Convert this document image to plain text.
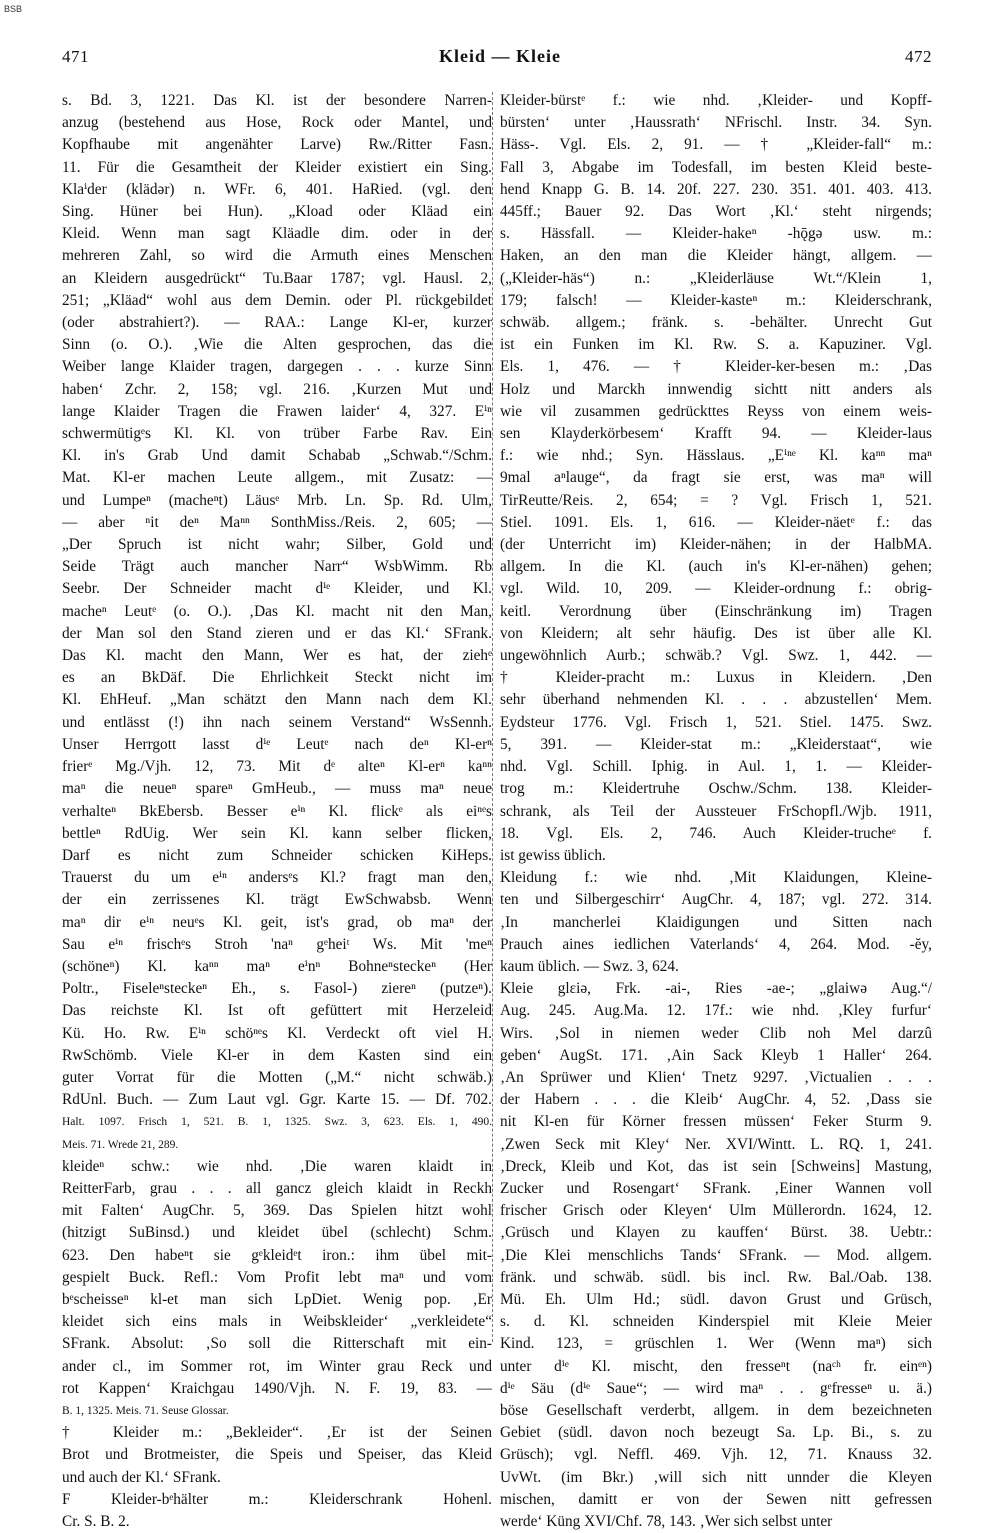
BSB
471	Kleid — Kleie	472
s. Bd. 3, 1221. Das Kl. ist der besondere Narren-
anzug (bestehend aus Hose, Rock oder Mantel, und
Kopfhaube mit angenähter Larve) Rw./Ritter Fasn.
11. Für die Gesamtheit der Kleider existiert ein Sing.
Klaⁱder (klädər) n. WFr. 6, 401. HaRied. (vgl. den
Sing. Hüner bei Hun). „Kload oder Kläad ein
Kleid. Wenn man sagt Kläadle dim. oder in der
mehreren Zahl, so wird die Armuth eines Menschen
an Kleidern ausgedrückt“ Tu.Baar 1787; vgl. Hausl. 2,
251; „Kläad“ wohl aus dem Demin. oder Pl. rückgebildet
(oder abstrahiert?). — RAA.: Lange Kl-er, kurzer
Sinn (o. O.). ‚Wie die Alten gesprochen, das die
Weiber lange Klaider tragen, dargegen . . . kurze Sinn
haben‘ Zchr. 2, 158; vgl. 216. ‚Kurzen Mut und
lange Klaider Tragen die Frawen laider‘ 4, 327. Eⁱⁿ
schwermütigᵉs Kl. Kl. von trüber Farbe Rav. Ein
Kl. in's Grab Und damit Schabab „Schwab.“/Schm.
Mat. Kl-er machen Leute allgem., mit Zusatz: —
und Lumpeⁿ (macheⁿt) Läusᵉ Mrb. Ln. Sp. Rd. Ulm,
— aber ⁿit deⁿ Maⁿⁿ SonthMiss./Reis. 2, 605; —
„Der Spruch ist nicht wahr; Silber, Gold und
Seide Trägt auch mancher Narr“ WsbWimm. Rb
Seebr. Der Schneider macht dⁱᵉ Kleider, und Kl.
macheⁿ Leutᵉ (o. O.). ‚Das Kl. macht nit den Man,
der Man sol den Stand zieren und er das Kl.‘ SFrank.
Das Kl. macht den Mann, Wer es hat, der ziehᵉ
es an BkDäf. Die Ehrlichkeit Steckt nicht im
Kl. EhHeuf. „Man schätzt den Mann nach dem Kl.
und entlässt (!) ihn nach seinem Verstand“ WsSennh.
Unser Herrgott lasst dⁱᵉ Leutᵉ nach deⁿ Kl-erⁿ
frierᵉ Mg./Vjh. 12, 73. Mit dᵉ alteⁿ Kl-erⁿ kaⁿⁿ
maⁿ die neueⁿ spareⁿ GmHeub., — muss maⁿ neue
verhalteⁿ BkEbersb. Besser eⁱⁿ Kl. flickᵉ als eiⁿᵉs
bettleⁿ RdUig. Wer sein Kl. kann selber flicken,
Darf es nicht zum Schneider schicken KiHeps.
Trauerst du um eⁱⁿ andersᵉs Kl.? fragt man den,
der ein zerrissenes Kl. trägt EwSchwabsb. Wenn
maⁿ dir eⁱⁿ neuᵉs Kl. geit, ist's grad, ob maⁿ der
Sau eⁱⁿ frischᵉs Stroh 'naⁿ gᵉheiᵗ Ws. Mit 'meⁿ
(schöneⁿ) Kl. kaⁿⁿ maⁿ eⁱnⁿ Bohneⁿsteckeⁿ (Her
Poltr., Fiseleⁿsteckeⁿ Eh., s. Fasol-) ziereⁿ (putzeⁿ).
Das reichste Kl. Ist oft gefüttert mit Herzeleid
Kü. Ho. Rw. Eⁱⁿ schöⁿᵉs Kl. Verdeckt oft viel H.
RwSchömb. Viele Kl-er in dem Kasten sind ein
guter Vorrat für die Motten („M.“ nicht schwäb.)
RdUnl. Buch. — Zum Laut vgl. Ggr. Karte 15. — Df. 702.
Halt. 1097. Frisch 1, 521. B. 1, 1325. Swz. 3, 623. Els. 1, 490.
Meis. 71. Wrede 21, 289.
kleideⁿ schw.: wie nhd. ‚Die waren klaidt in
ReitterFarb, grau . . . all gancz gleich klaidt in Reckh
mit Falten‘ AugChr. 5, 369. Das Spielen hitzt wohl
(hitzigt SuBinsd.) und kleidet übel (schlecht) Schm.
623. Den habeⁿt sie gᵉkleidᵉt iron.: ihm übel mit-
gespielt Buck. Refl.: Vom Profit lebt maⁿ und vom
bᵉscheisseⁿ kl-et man sich LpDiet. Wenig pop. ‚Er
kleidet sich eins mals in Weibskleider‘ „verkleidete“
SFrank. Absolut: ‚So soll die Ritterschaft mit ein-
ander cl., im Sommer rot, im Winter grau Reck und
rot Kappen‘ Kraichgau 1490/Vjh. N. F. 19, 83. —
B. 1, 1325. Meis. 71. Seuse Glossar.
† Kleider m.: „Bekleider“. ‚Er ist der Seinen
Brot und Brotmeister, die Speis und Speiser, das Kleid
und auch der Kl.‘ SFrank.
F Kleider-bᵉhälter m.: Kleiderschrank Hohenl.
Cr. S. B. 2.
Kleider-bürstᵉ f.: wie nhd. ‚Kleider- und Kopff-
bürsten‘ unter ‚Haussrath‘ NFrischl. Instr. 34. Syn.
Häss-. Vgl. Els. 2, 91. — † „Kleider-fall“ m.:
Fall 3, Abgabe im Todesfall, im besten Kleid beste-
hend Knapp G. B. 14. 20f. 227. 230. 351. 401. 403. 413.
445ff.; Bauer 92. Das Wort ‚Kl.‘ steht nirgends;
s. Hässfall. — Kleider-hakeⁿ -hǭgə usw. m.:
Haken, an den man die Kleider hängt, allgem. —
(„Kleider-häs“) n.: „Kleiderläuse Wt.“/Klein 1,
179; falsch! — Kleider-kasteⁿ m.: Kleiderschrank,
schwäb. allgem.; fränk. s. -behälter. Unrecht Gut
ist ein Funken im Kl. Rw. S. a. Kapuziner. Vgl.
Els. 1, 476. — † Kleider-ker-besen m.: ‚Das
Holz und Marckh innwendig sichtt nitt anders als
wie vil zusammen gedrückttes Reyss von einem weis-
sen Klayderkörbesem‘ Krafft 94. — Kleider-laus
f.: wie nhd.; Syn. Hässlaus. „Eⁱⁿᵉ Kl. kaⁿⁿ maⁿ
9mal aⁿlauge“, da fragt sie erst, was maⁿ will
TirReutte/Reis. 2, 654; = ? Vgl. Frisch 1, 521.
Stiel. 1091. Els. 1, 616. — Kleider-näetᵉ f.: das
(der Unterricht im) Kleider-nähen; in der HalbMA.
allgem. In die Kl. (auch in's Kl-er-nähen) gehen;
vgl. Wild. 10, 209. — Kleider-ordnung f.: obrig-
keitl. Verordnung über (Einschränkung im) Tragen
von Kleidern; alt sehr häufig. Des ist über alle Kl.
ungewöhnlich Aurb.; schwäb.? Vgl. Swz. 1, 442. —
† Kleider-pracht m.: Luxus in Kleidern. ‚Den
sehr überhand nehmenden Kl. . . . abzustellen‘ Mem.
Eydsteur 1776. Vgl. Frisch 1, 521. Stiel. 1475. Swz.
5, 391. — Kleider-stat m.: „Kleiderstaat“, wie
nhd. Vgl. Schill. Iphig. in Aul. 1, 1. — Kleider-
trog m.: Kleidertruhe Oschw./Schm. 138. Kleider-
schrank, als Teil der Aussteuer FrSchopfl./Wjb. 1911,
18. Vgl. Els. 2, 746. Auch Kleider-trucheᵉ f.
ist gewiss üblich.
Kleidung f.: wie nhd. ‚Mit Klaidungen, Kleine-
ten und Silbergeschirr‘ AugChr. 4, 187; vgl. 272. 314.
‚In mancherlei Klaidigungen und Sitten nach
Prauch aines iedlichen Vaterlands‘ 4, 264. Mod. -ĕy,
kaum üblich. — Swz. 3, 624.
Kleie glɛiə, Frk. -ai-, Ries -ae-; „glaiwə Aug.“/
Aug. 245. Aug.Ma. 12. 17f.: wie nhd. ‚Kley furfur‘
Wirs. ‚Sol in niemen weder Clib noh Mel darzû
geben‘ AugSt. 171. ‚Ain Sack Kleyb 1 Haller‘ 264.
‚An Sprüwer und Klien‘ Tnetz 9297. ‚Victualien . . .
der Habern . . . die Kleib‘ AugChr. 4, 52. ‚Dass sie
nit Kl-en für Körner fressen müssen‘ Feker Sturm 9.
‚Zwen Seck mit Kley‘ Ner. XVI/Wintt. L. RQ. 1, 241.
‚Dreck, Kleib und Kot, das ist sein [Schweins] Mastung,
Zucker und Rosengart‘ SFrank. ‚Einer Wannen voll
frischer Grisch oder Kleyen‘ Ulm Müllerordn. 1624, 12.
‚Grüsch und Klayen zu kauffen‘ Bürst. 38. Uebtr.:
‚Die Klei menschlichs Tands‘ SFrank. — Mod. allgem.
fränk. und schwäb. südl. bis incl. Rw. Bal./Oab. 138.
Mü. Eh. Ulm Hd.; südl. davon Grust und Grüsch,
s. d. Kl. schneiden Kinderspiel mit Kleie Meier
Kind. 123, = grüschlen 1. Wer (Wenn maⁿ) sich
unter dⁱᵉ Kl. mischt, den fresseⁿt (naᶜʰ fr. einᵉⁿ)
dⁱᵉ Säu (dⁱᵉ Saue“; — wird maⁿ . . gᵉfresseⁿ u. ä.)
böse Gesellschaft verderbt, allgem. in dem bezeichneten
Gebiet (südl. davon noch bezeugt Sa. Lp. Bi., s. zu
Grüsch); vgl. Neffl. 469. Vjh. 12, 71. Knauss 32.
UvWt. (im Bkr.) ‚will sich nitt unnder die Kleyen
mischen, damitt er von der Sewen nitt gefressen
werde‘ Küng XVI/Chf. 78, 143. ‚Wer sich selbst unter
